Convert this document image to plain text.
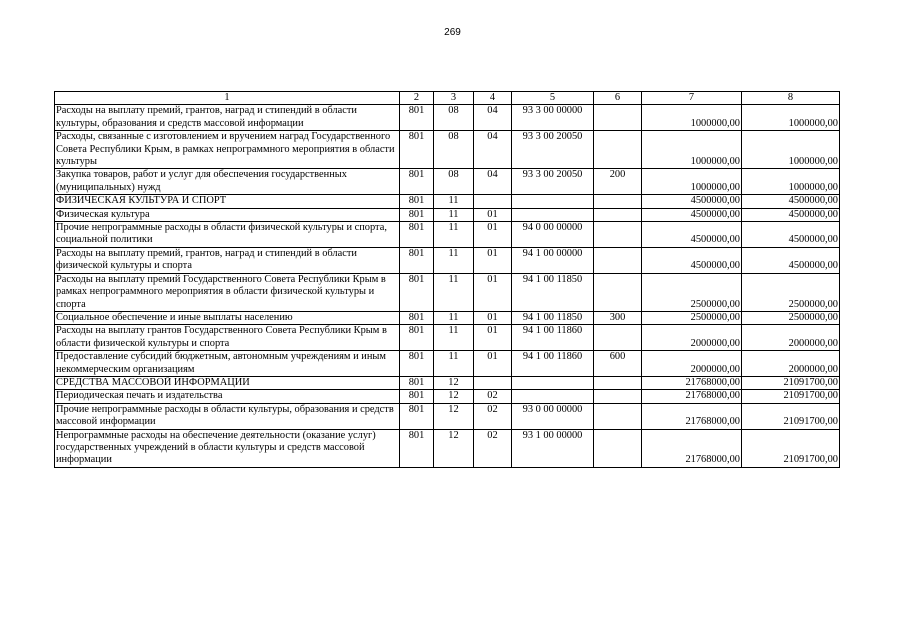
269
1	2	3	4	5	6	7	8
Расходы на выплату премий, грантов, наград и стипендий в области культуры, образования и средств массовой информации	801	08	04	93 3 00 00000		1000000,00	1000000,00
Расходы, связанные с изготовлением и вручением наград Государственного Совета Республики Крым, в рамках непрограммного мероприятия в области культуры	801	08	04	93 3 00 20050		1000000,00	1000000,00
Закупка товаров, работ и услуг для обеспечения государственных (муниципальных) нужд	801	08	04	93 3 00 20050	200	1000000,00	1000000,00
ФИЗИЧЕСКАЯ КУЛЬТУРА И СПОРТ	801	11				4500000,00	4500000,00
Физическая культура	801	11	01			4500000,00	4500000,00
Прочие непрограммные расходы в области физической культуры и спорта, социальной политики	801	11	01	94 0 00 00000		4500000,00	4500000,00
Расходы на выплату премий, грантов, наград и стипендий в области физической культуры и спорта	801	11	01	94 1 00 00000		4500000,00	4500000,00
Расходы на выплату премий Государственного Совета Республики Крым в рамках непрограммного мероприятия в области физической культуры и спорта	801	11	01	94 1 00 11850		2500000,00	2500000,00
Социальное обеспечение и иные выплаты населению	801	11	01	94 1 00 11850	300	2500000,00	2500000,00
Расходы на выплату грантов Государственного Совета Республики Крым в области физической культуры и спорта	801	11	01	94 1 00 11860		2000000,00	2000000,00
Предоставление субсидий бюджетным, автономным учреждениям и иным некоммерческим организациям	801	11	01	94 1 00 11860	600	2000000,00	2000000,00
СРЕДСТВА МАССОВОЙ ИНФОРМАЦИИ	801	12				21768000,00	21091700,00
Периодическая печать и издательства	801	12	02			21768000,00	21091700,00
Прочие непрограммные расходы в области культуры, образования и средств массовой информации	801	12	02	93 0 00 00000		21768000,00	21091700,00
Непрограммные расходы на обеспечение деятельности (оказание услуг) государственных учреждений в области культуры и средств массовой информации	801	12	02	93 1 00 00000		21768000,00	21091700,00
